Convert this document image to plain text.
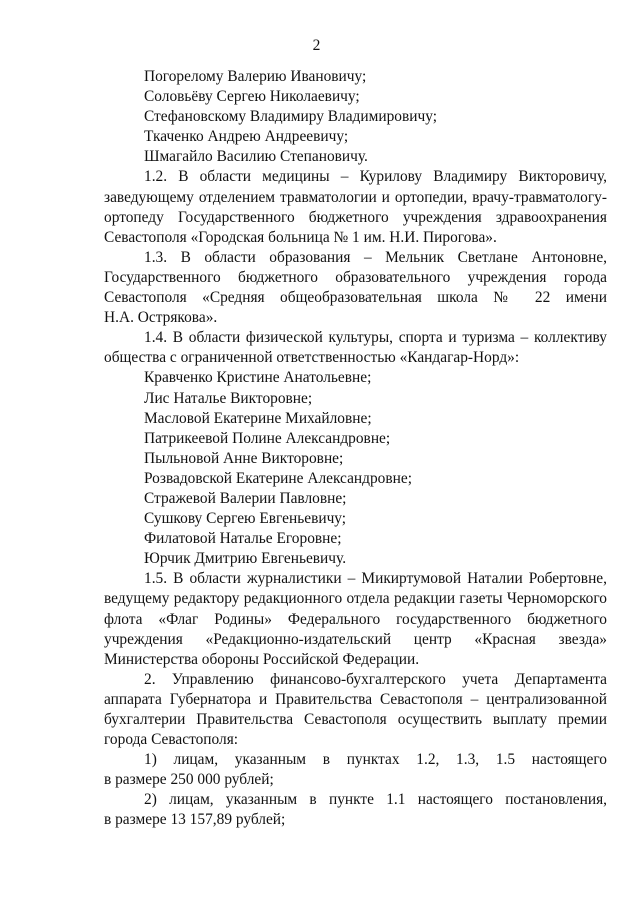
2
Погорелому Валерию Ивановичу;
Соловьёву Сергею Николаевичу;
Стефановскому Владимиру Владимировичу;
Ткаченко Андрею Андреевичу;
Шмагайло Василию Степановичу.
1.2. В области медицины – Курилову Владимиру Викторовичу,
заведующему отделением травматологии и ортопедии, врачу-травматологу-
ортопеду Государственного бюджетного учреждения здравоохранения
Севастополя «Городская больница № 1 им. Н.И. Пирогова».
1.3. В области образования – Мельник Светлане Антоновне,
Государственного бюджетного образовательного учреждения города
Севастополя «Средняя общеобразовательная школа № 22 имени
Н.А. Острякова».
1.4. В области физической культуры, спорта и туризма – коллективу
общества с ограниченной ответственностью «Кандагар-Норд»:
Кравченко Кристине Анатольевне;
Лис Наталье Викторовне;
Масловой Екатерине Михайловне;
Патрикеевой Полине Александровне;
Пыльновой Анне Викторовне;
Розвадовской Екатерине Александровне;
Стражевой Валерии Павловне;
Сушкову Сергею Евгеньевичу;
Филатовой Наталье Егоровне;
Юрчик Дмитрию Евгеньевичу.
1.5. В области журналистики – Микиртумовой Наталии Робертовне,
ведущему редактору редакционного отдела редакции газеты Черноморского
флота «Флаг Родины» Федерального государственного бюджетного
учреждения «Редакционно-издательский центр «Красная звезда»
Министерства обороны Российской Федерации.
2. Управлению финансово-бухгалтерского учета Департамента
аппарата Губернатора и Правительства Севастополя – централизованной
бухгалтерии Правительства Севастополя осуществить выплату премии
города Севастополя:
1) лицам, указанным в пунктах 1.2, 1.3, 1.5 настоящего
в размере 250 000 рублей;
2) лицам, указанным в пункте 1.1 настоящего постановления,
в размере 13 157,89 рублей;
